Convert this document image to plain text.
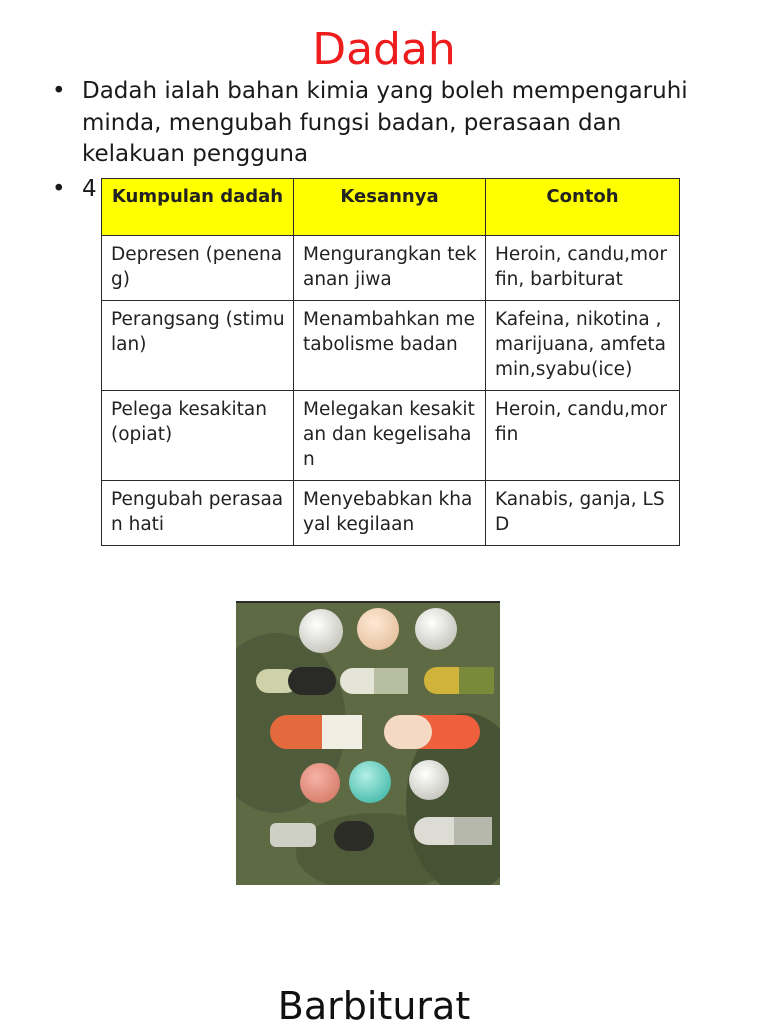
Dadah
• Dadah ialah bahan kimia yang boleh mempengaruhi minda, mengubah fungsi badan, perasaan dan kelakuan pengguna
• 4 Kumpulan dadah	Kesannya	Contoh
Depresen (penenag)	Mengurangkan tekanan jiwa	Heroin, candu,morfin, barbiturat
Perangsang (stimulan)	Menambahkan metabolisme badan	Kafeina, nikotina ,marijuana, amfetamin,syabu(ice)
Pelega kesakitan(opiat)	Melegakan kesakitan dan kegelisahan	Heroin, candu,morfin
Pengubah perasaan hati	Menyebabkan khayal kegilaan	Kanabis, ganja, LSD
Barbiturat
